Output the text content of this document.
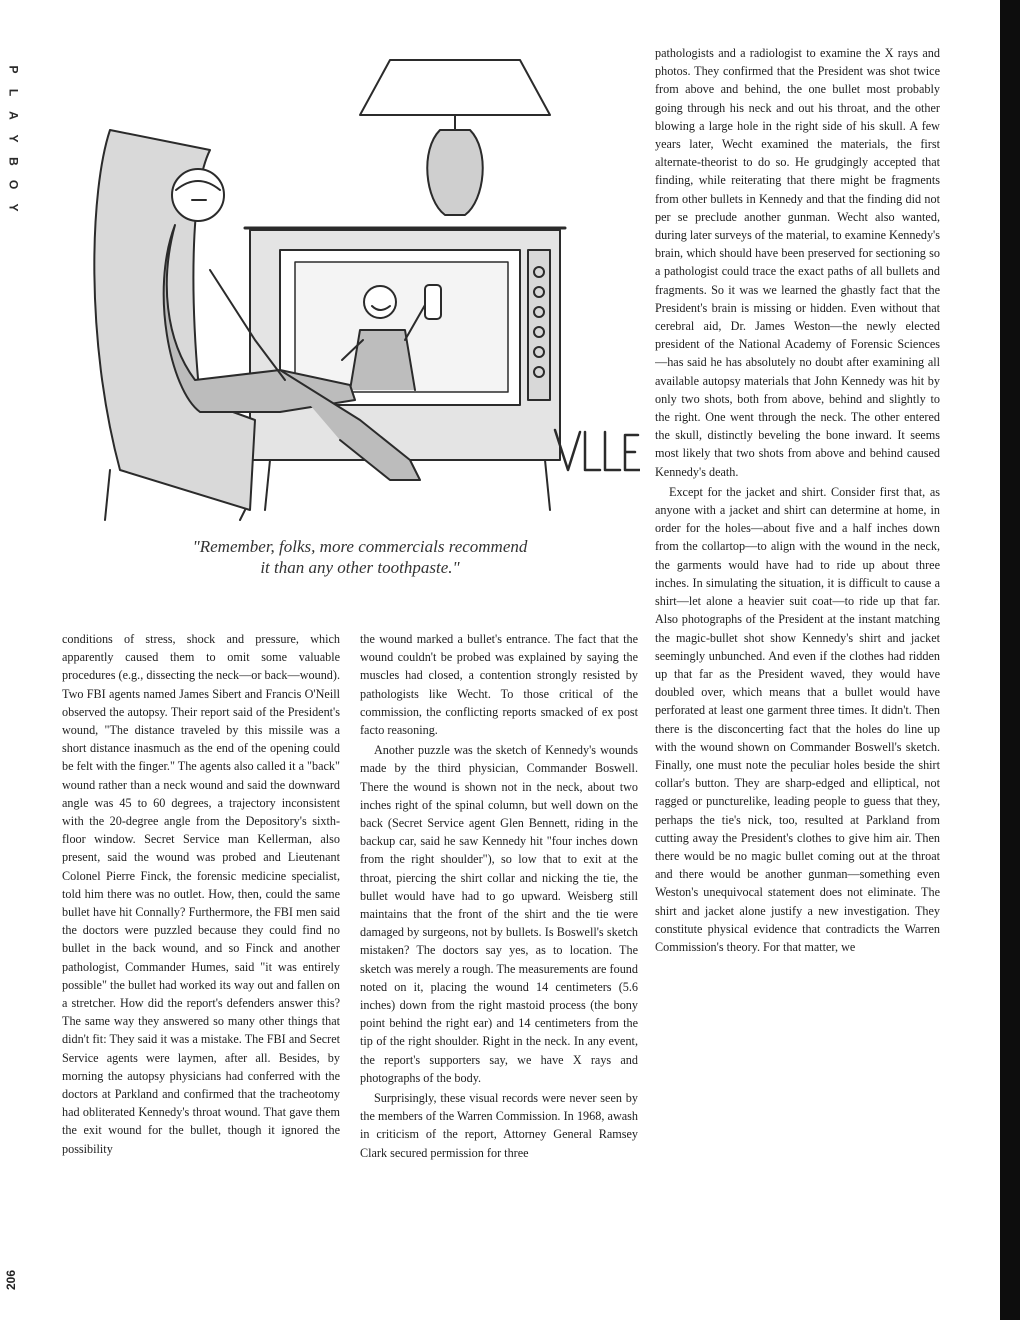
P
L
A
Y
B
O
Y
206
"Remember, folks, more commercials recommend
it than any other toothpaste."

conditions of stress, shock and pressure, which apparently caused them to omit some valuable procedures (e.g., dissecting the neck—or back—wound). Two FBI agents named James Sibert and Francis O'Neill observed the autopsy. Their report said of the President's wound, "The distance traveled by this missile was a short distance inasmuch as the end of the opening could be felt with the finger." The agents also called it a "back" wound rather than a neck wound and said the downward angle was 45 to 60 degrees, a trajectory inconsistent with the 20-degree angle from the Depository's sixth-floor window. Secret Service man Kellerman, also present, said the wound was probed and Lieutenant Colonel Pierre Finck, the forensic medicine specialist, told him there was no outlet. How, then, could the same bullet have hit Connally? Furthermore, the FBI men said the doctors were puzzled because they could find no bullet in the back wound, and so Finck and another pathologist, Commander Humes, said "it was entirely possible" the bullet had worked its way out and fallen on a stretcher. How did the report's defenders answer this? The same way they answered so many other things that didn't fit: They said it was a mistake. The FBI and Secret Service agents were laymen, after all. Besides, by morning the autopsy physicians had conferred with the doctors at Parkland and confirmed that the tracheotomy had obliterated Kennedy's throat wound. That gave them the exit wound for the bullet, though it ignored the possibility

the wound marked a bullet's entrance. The fact that the wound couldn't be probed was explained by saying the muscles had closed, a contention strongly resisted by pathologists like Wecht. To those critical of the commission, the conflicting reports smacked of ex post facto reasoning.

Another puzzle was the sketch of Kennedy's wounds made by the third physician, Commander Boswell. There the wound is shown not in the neck, about two inches right of the spinal column, but well down on the back (Secret Service agent Glen Bennett, riding in the backup car, said he saw Kennedy hit "four inches down from the right shoulder"), so low that to exit at the throat, piercing the shirt collar and nicking the tie, the bullet would have had to go upward. Weisberg still maintains that the front of the shirt and the tie were damaged by surgeons, not by bullets. Is Boswell's sketch mistaken? The doctors say yes, as to location. The sketch was merely a rough. The measurements are found noted on it, placing the wound 14 centimeters (5.6 inches) down from the right mastoid process (the bony point behind the right ear) and 14 centimeters from the tip of the right shoulder. Right in the neck. In any event, the report's supporters say, we have X rays and photographs of the body.

Surprisingly, these visual records were never seen by the members of the Warren Commission. In 1968, awash in criticism of the report, Attorney General Ramsey Clark secured permission for three

pathologists and a radiologist to examine the X rays and photos. They confirmed that the President was shot twice from above and behind, the one bullet most probably going through his neck and out his throat, and the other blowing a large hole in the right side of his skull. A few years later, Wecht examined the materials, the first alternate-theorist to do so. He grudgingly accepted that finding, while reiterating that there might be fragments from other bullets in Kennedy and that the finding did not per se preclude another gunman. Wecht also wanted, during later surveys of the material, to examine Kennedy's brain, which should have been preserved for sectioning so a pathologist could trace the exact paths of all bullets and fragments. So it was we learned the ghastly fact that the President's brain is missing or hidden. Even without that cerebral aid, Dr. James Weston—the newly elected president of the National Academy of Forensic Sciences—has said he has absolutely no doubt after examining all available autopsy materials that John Kennedy was hit by only two shots, both from above, behind and slightly to the right. One went through the neck. The other entered the skull, distinctly beveling the bone inward. It seems most likely that two shots from above and behind caused Kennedy's death.

Except for the jacket and shirt. Consider first that, as anyone with a jacket and shirt can determine at home, in order for the holes—about five and a half inches down from the collartop—to align with the wound in the neck, the garments would have had to ride up about three inches. In simulating the situation, it is difficult to cause a shirt—let alone a heavier suit coat—to ride up that far. Also photographs of the President at the instant matching the magic-bullet shot show Kennedy's shirt and jacket seemingly unbunched. And even if the clothes had ridden up that far as the President waved, they would have doubled over, which means that a bullet would have perforated at least one garment three times. It didn't. Then there is the disconcerting fact that the holes do line up with the wound shown on Commander Boswell's sketch. Finally, one must note the peculiar holes beside the shirt collar's button. They are sharp-edged and elliptical, not ragged or puncturelike, leading people to guess that they, perhaps the tie's nick, too, resulted at Parkland from cutting away the President's clothes to give him air. Then there would be no magic bullet coming out at the throat and there would be another gunman—something even Weston's unequivocal statement does not eliminate. The shirt and jacket alone justify a new investigation. They constitute physical evidence that contradicts the Warren Commission's theory. For that matter, we
